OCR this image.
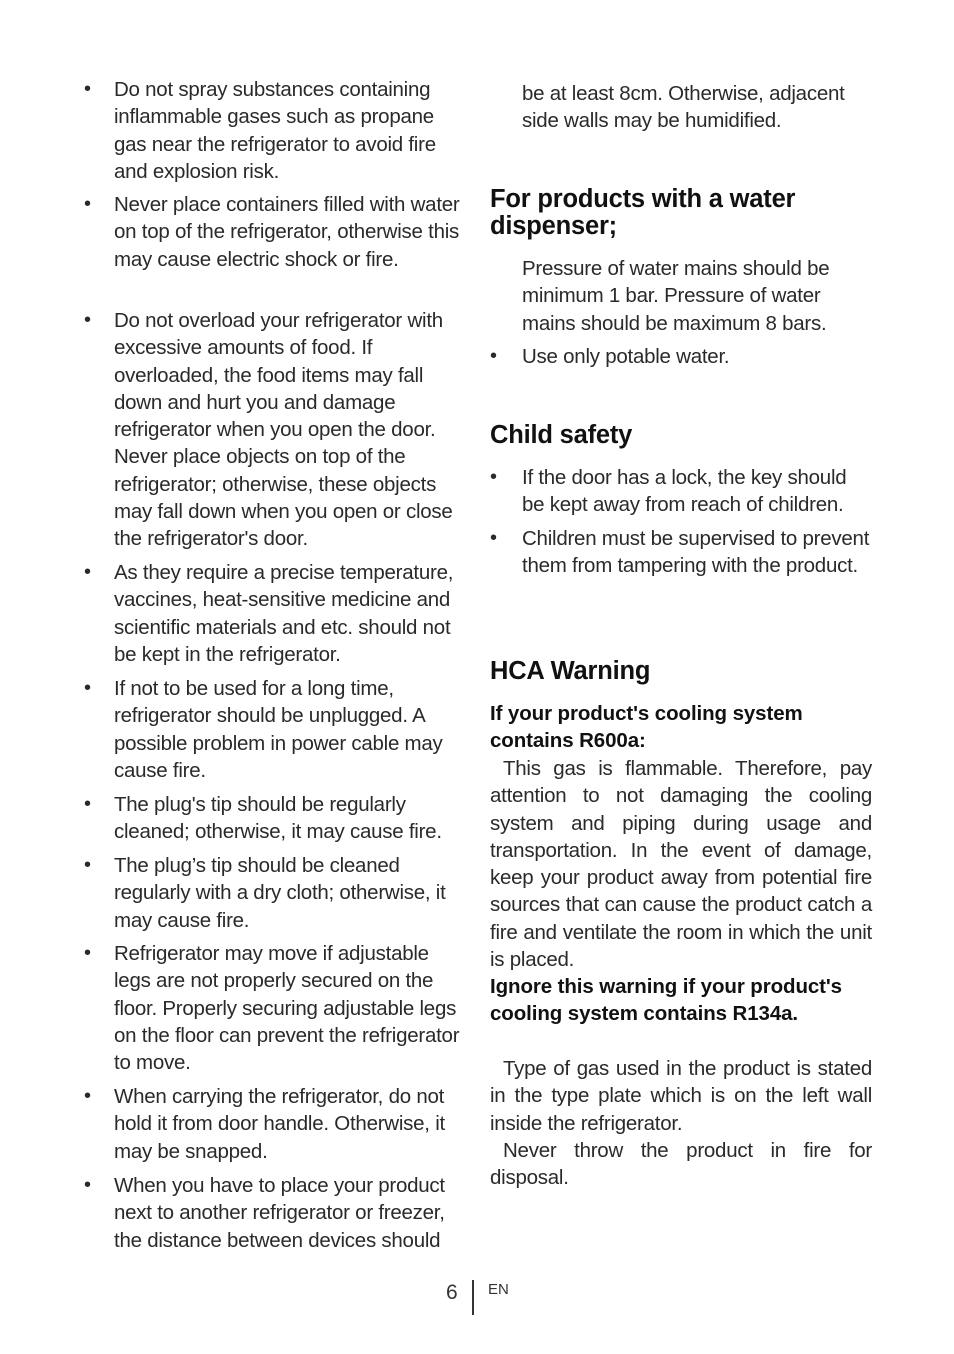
• Do not spray substances containing inflammable gases such as propane gas near the refrigerator to avoid fire and explosion risk.

• Never place containers filled with water on top of the refrigerator, otherwise this may cause electric shock or fire.

• Do not overload your refrigerator with excessive amounts of food. If overloaded, the food items may fall down and hurt you and damage refrigerator when you open the door. Never place objects on top of the refrigerator; otherwise, these objects may fall down when you open or close the refrigerator's door.

• As they require a precise temperature, vaccines, heat-sensitive medicine and scientific materials and etc. should not be kept in the refrigerator.

• If not to be used for a long time, refrigerator should be unplugged. A possible problem in power cable may cause fire.

• The plug's tip should be regularly cleaned; otherwise, it may cause fire.

• The plug’s tip should be cleaned regularly with a dry cloth; otherwise, it may cause fire.

• Refrigerator may move if adjustable legs are not properly secured on the floor. Properly securing adjustable legs on the floor can prevent the refrigerator to move.

• When carrying the refrigerator, do not hold it from door handle. Otherwise, it may be snapped.

• When you have to place your product next to another refrigerator or freezer, the distance between devices should

be at least 8cm. Otherwise, adjacent side walls may be humidified.

For products with a water dispenser;

Pressure of water mains should be minimum 1 bar. Pressure of water mains should be maximum 8 bars.

• Use only potable water.

Child safety
• If the door has a lock, the key should be kept away from reach of children.

• Children must be supervised to prevent them from tampering with the product.

HCA Warning
If your product's cooling system contains R600a:

This gas is flammable. Therefore, pay attention to not damaging the cooling system and piping during usage and transportation. In the event of damage, keep your product away from potential fire sources that can cause the product catch a fire and ventilate the room in which the unit is placed.

Ignore this warning if your product's cooling system contains R134a.

Type of gas used in the product is stated in the type plate which is on the left wall inside the refrigerator.

Never throw the product in fire for disposal.

6 EN
